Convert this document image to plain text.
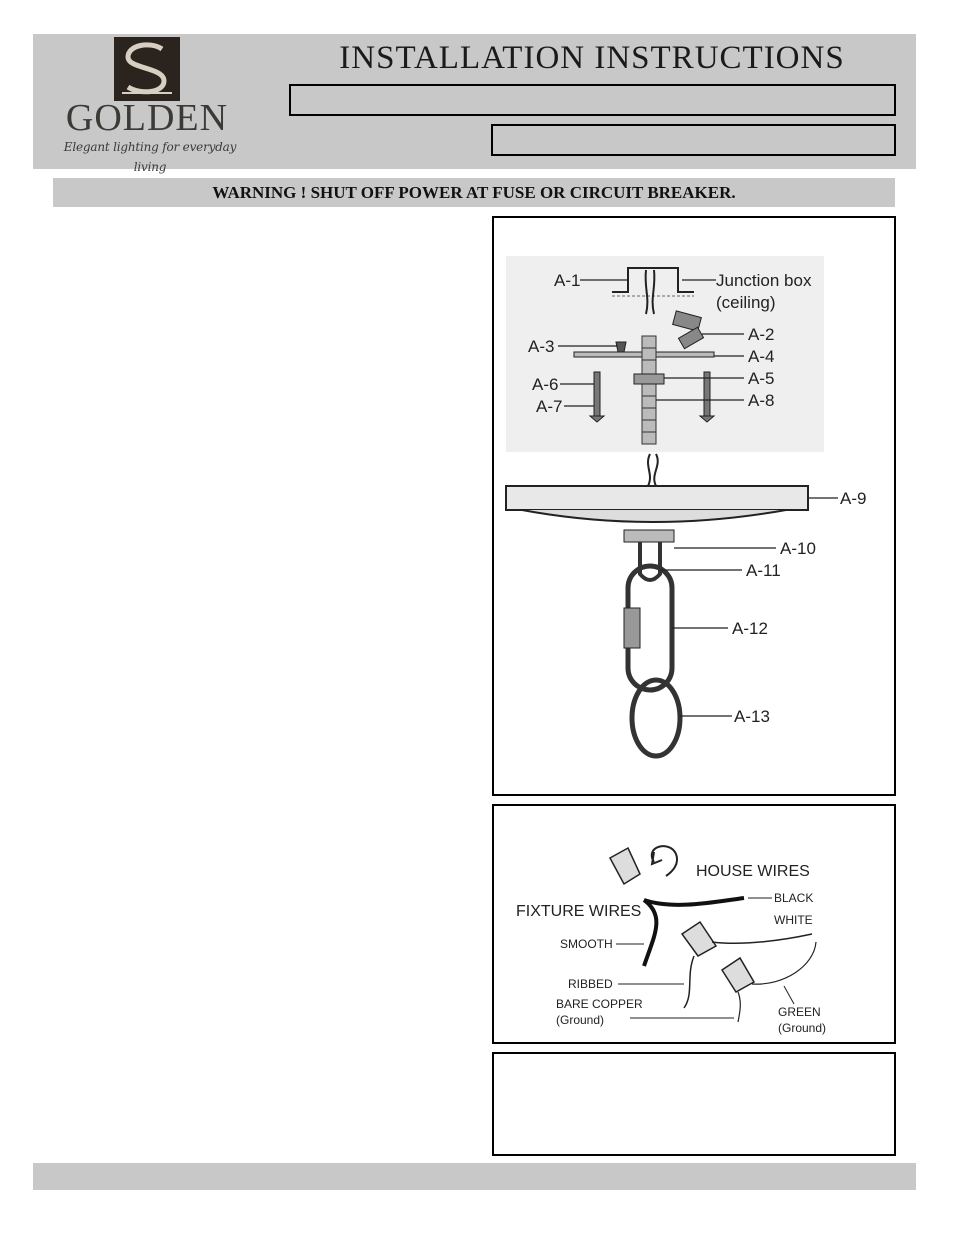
GOLDEN
Elegant lighting for everyday living
INSTALLATION INSTRUCTIONS
WARNING ! SHUT OFF POWER AT FUSE OR CIRCUIT BREAKER.
A-1	Junction box
(ceiling)
A-2
A-3
A-4
A-5
A-6
A-7	A-8
A-9
A-10
A-11
A-12
A-13
HOUSE WIRES
BLACK
WHITE
FIXTURE WIRES
SMOOTH
RIBBED
BARE COPPER
(Ground)
GREEN
(Ground)
